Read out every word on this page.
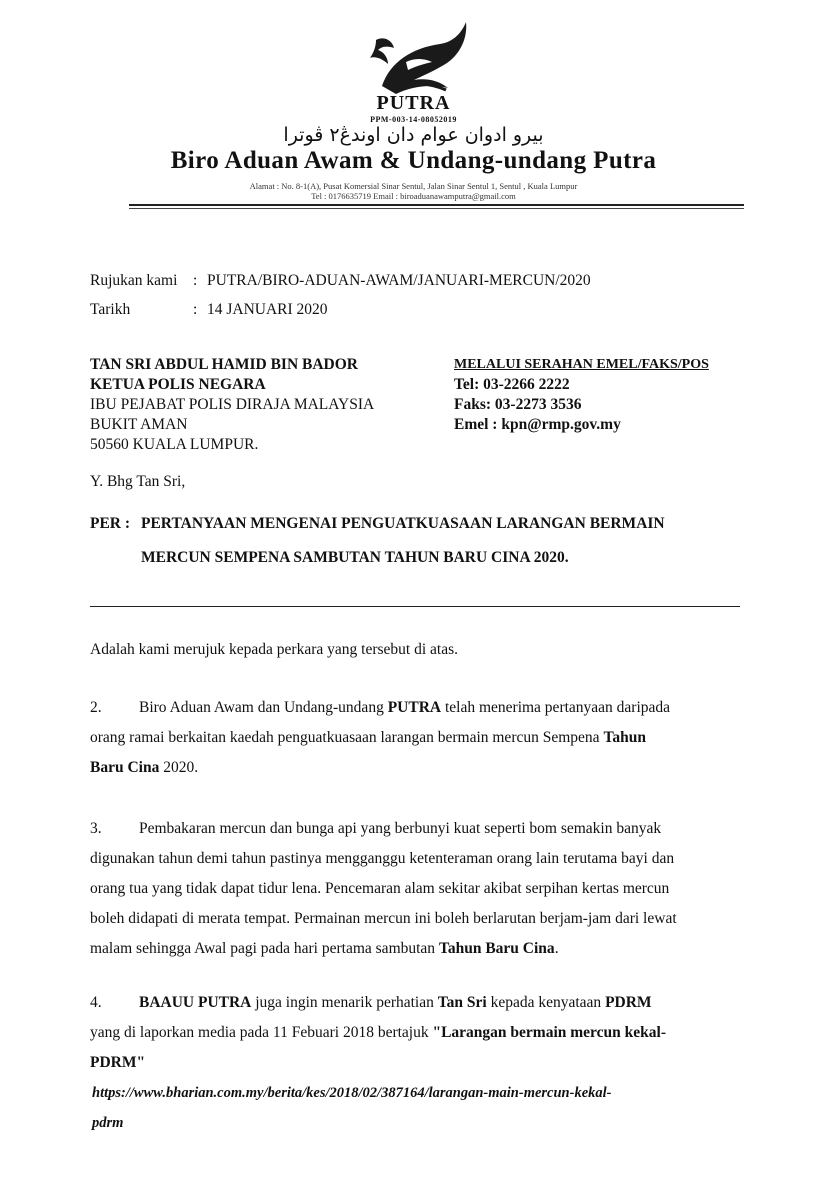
PUTRA
PPM-003-14-08052019
بيرو ادوان عوام دان اوندڠ٢ ڤوترا
Biro Aduan Awam & Undang-undang Putra
Alamat : No. 8-1(A), Pusat Komersial Sinar Sentul, Jalan Sinar Sentul 1, Sentul , Kuala Lumpur
Tel : 0176635719 Email : biroaduanawamputra@gmail.com
Rujukan kami : PUTRA/BIRO-ADUAN-AWAM/JANUARI-MERCUN/2020
Tarikh	: 14 JANUARI 2020
TAN SRI ABDUL HAMID BIN BADOR
KETUA POLIS NEGARA
IBU PEJABAT POLIS DIRAJA MALAYSIA
BUKIT AMAN
50560 KUALA LUMPUR.
MELALUI SERAHAN EMEL/FAKS/POS
Tel: 03-2266 2222
Faks: 03-2273 3536
Emel : kpn@rmp.gov.my
Y. Bhg Tan Sri,
PER : PERTANYAAN MENGENAI PENGUATKUASAAN LARANGAN BERMAIN
MERCUN SEMPENA SAMBUTAN TAHUN BARU CINA 2020.
Adalah kami merujuk kepada perkara yang tersebut di atas.
2. Biro Aduan Awam dan Undang-undang PUTRA telah menerima pertanyaan daripada
orang ramai berkaitan kaedah penguatkuasaan larangan bermain mercun Sempena Tahun
Baru Cina 2020.
3. Pembakaran mercun dan bunga api yang berbunyi kuat seperti bom semakin banyak
digunakan tahun demi tahun pastinya mengganggu ketenteraman orang lain terutama bayi dan
orang tua yang tidak dapat tidur lena. Pencemaran alam sekitar akibat serpihan kertas mercun
boleh didapati di merata tempat. Permainan mercun ini boleh berlarutan berjam-jam dari lewat
malam sehingga Awal pagi pada hari pertama sambutan Tahun Baru Cina.
4. BAAUU PUTRA juga ingin menarik perhatian Tan Sri kepada kenyataan PDRM
yang di laporkan media pada 11 Febuari 2018 bertajuk "Larangan bermain mercun kekal-
PDRM"
https://www.bharian.com.my/berita/kes/2018/02/387164/larangan-main-mercun-kekal-
pdrm
